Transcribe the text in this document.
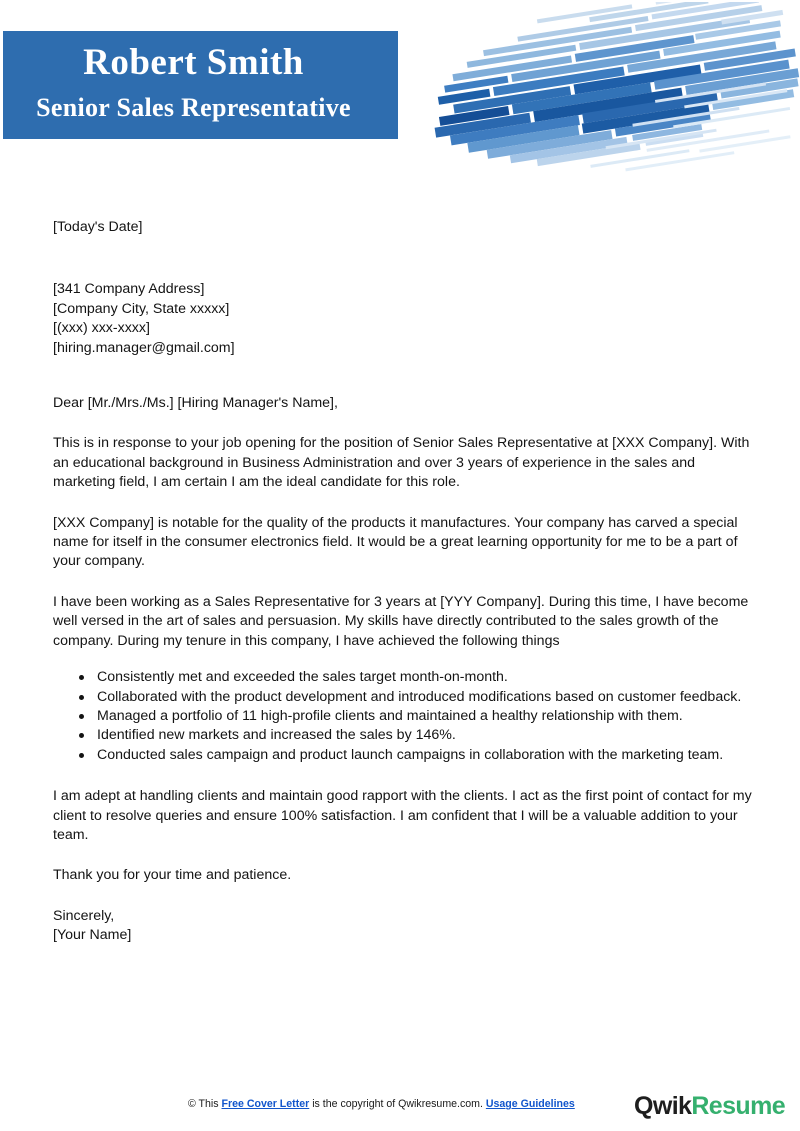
Robert Smith
Senior Sales Representative
[Today's Date]
[341 Company Address]
[Company City, State xxxxx]
[(xxx) xxx-xxxx]
[hiring.manager@gmail.com]
Dear [Mr./Mrs./Ms.] [Hiring Manager's Name],
This is in response to your job opening for the position of Senior Sales Representative at [XXX Company]. With an educational background in Business Administration and over 3 years of experience in the sales and marketing field, I am certain I am the ideal candidate for this role.
[XXX Company] is notable for the quality of the products it manufactures. Your company has carved a special name for itself in the consumer electronics field. It would be a great learning opportunity for me to be a part of your company.
I have been working as a Sales Representative for 3 years at [YYY Company]. During this time, I have become well versed in the art of sales and persuasion. My skills have directly contributed to the sales growth of the company. During my tenure in this company, I have achieved the following things
Consistently met and exceeded the sales target month-on-month.
Collaborated with the product development and introduced modifications based on customer feedback.
Managed a portfolio of 11 high-profile clients and maintained a healthy relationship with them.
Identified new markets and increased the sales by 146%.
Conducted sales campaign and product launch campaigns in collaboration with the marketing team.
I am adept at handling clients and maintain good rapport with the clients. I act as the first point of contact for my client to resolve queries and ensure 100% satisfaction. I am confident that I will be a valuable addition to your team.
Thank you for your time and patience.
Sincerely,
[Your Name]
© This Free Cover Letter is the copyright of Qwikresume.com. Usage Guidelines QwikResume
